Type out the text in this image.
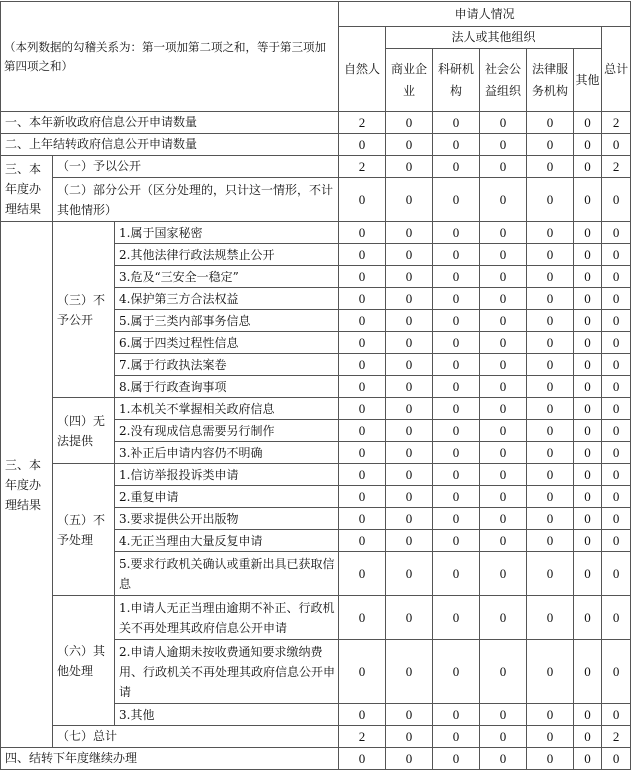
（本列数据的勾稽关系为：第一项加第二项之和，等于第三项加第四项之和）			申请人情况						
			自然人	法人或其他组织					总计
				商业企业	科研机构	社会公益组织	法律服务机构	其他	
一、本年新收政府信息公开申请数量			2	0	0	0	0	0	2
二、上年结转政府信息公开申请数量			0	0	0	0	0	0	0
三、本年度办理结果	（一）予以公开		2	0	0	0	0	0	2
	（二）部分公开（区分处理的，只计这一情形，不计其他情形）		0	0	0	0	0	0	0
三、本年度办理结果	（三）不予公开	1.属于国家秘密	0	0	0	0	0	0	0
		2.其他法律行政法规禁止公开	0	0	0	0	0	0	0
		3.危及“三安全一稳定”	0	0	0	0	0	0	0
		4.保护第三方合法权益	0	0	0	0	0	0	0
		5.属于三类内部事务信息	0	0	0	0	0	0	0
		6.属于四类过程性信息	0	0	0	0	0	0	0
		7.属于行政执法案卷	0	0	0	0	0	0	0
		8.属于行政查询事项	0	0	0	0	0	0	0
	（四）无法提供	1.本机关不掌握相关政府信息	0	0	0	0	0	0	0
		2.没有现成信息需要另行制作	0	0	0	0	0	0	0
		3.补正后申请内容仍不明确	0	0	0	0	0	0	0
	（五）不予处理	1.信访举报投诉类申请	0	0	0	0	0	0	0
		2.重复申请	0	0	0	0	0	0	0
		3.要求提供公开出版物	0	0	0	0	0	0	0
		4.无正当理由大量反复申请	0	0	0	0	0	0	0
		5.要求行政机关确认或重新出具已获取信息	0	0	0	0	0	0	0
	（六）其他处理	1.申请人无正当理由逾期不补正、行政机关不再处理其政府信息公开申请	0	0	0	0	0	0	0
		2.申请人逾期未按收费通知要求缴纳费用、行政机关不再处理其政府信息公开申请	0	0	0	0	0	0	0
		3.其他	0	0	0	0	0	0	0
	（七）总计		2	0	0	0	0	0	2
四、结转下年度继续办理			0	0	0	0	0	0	0
